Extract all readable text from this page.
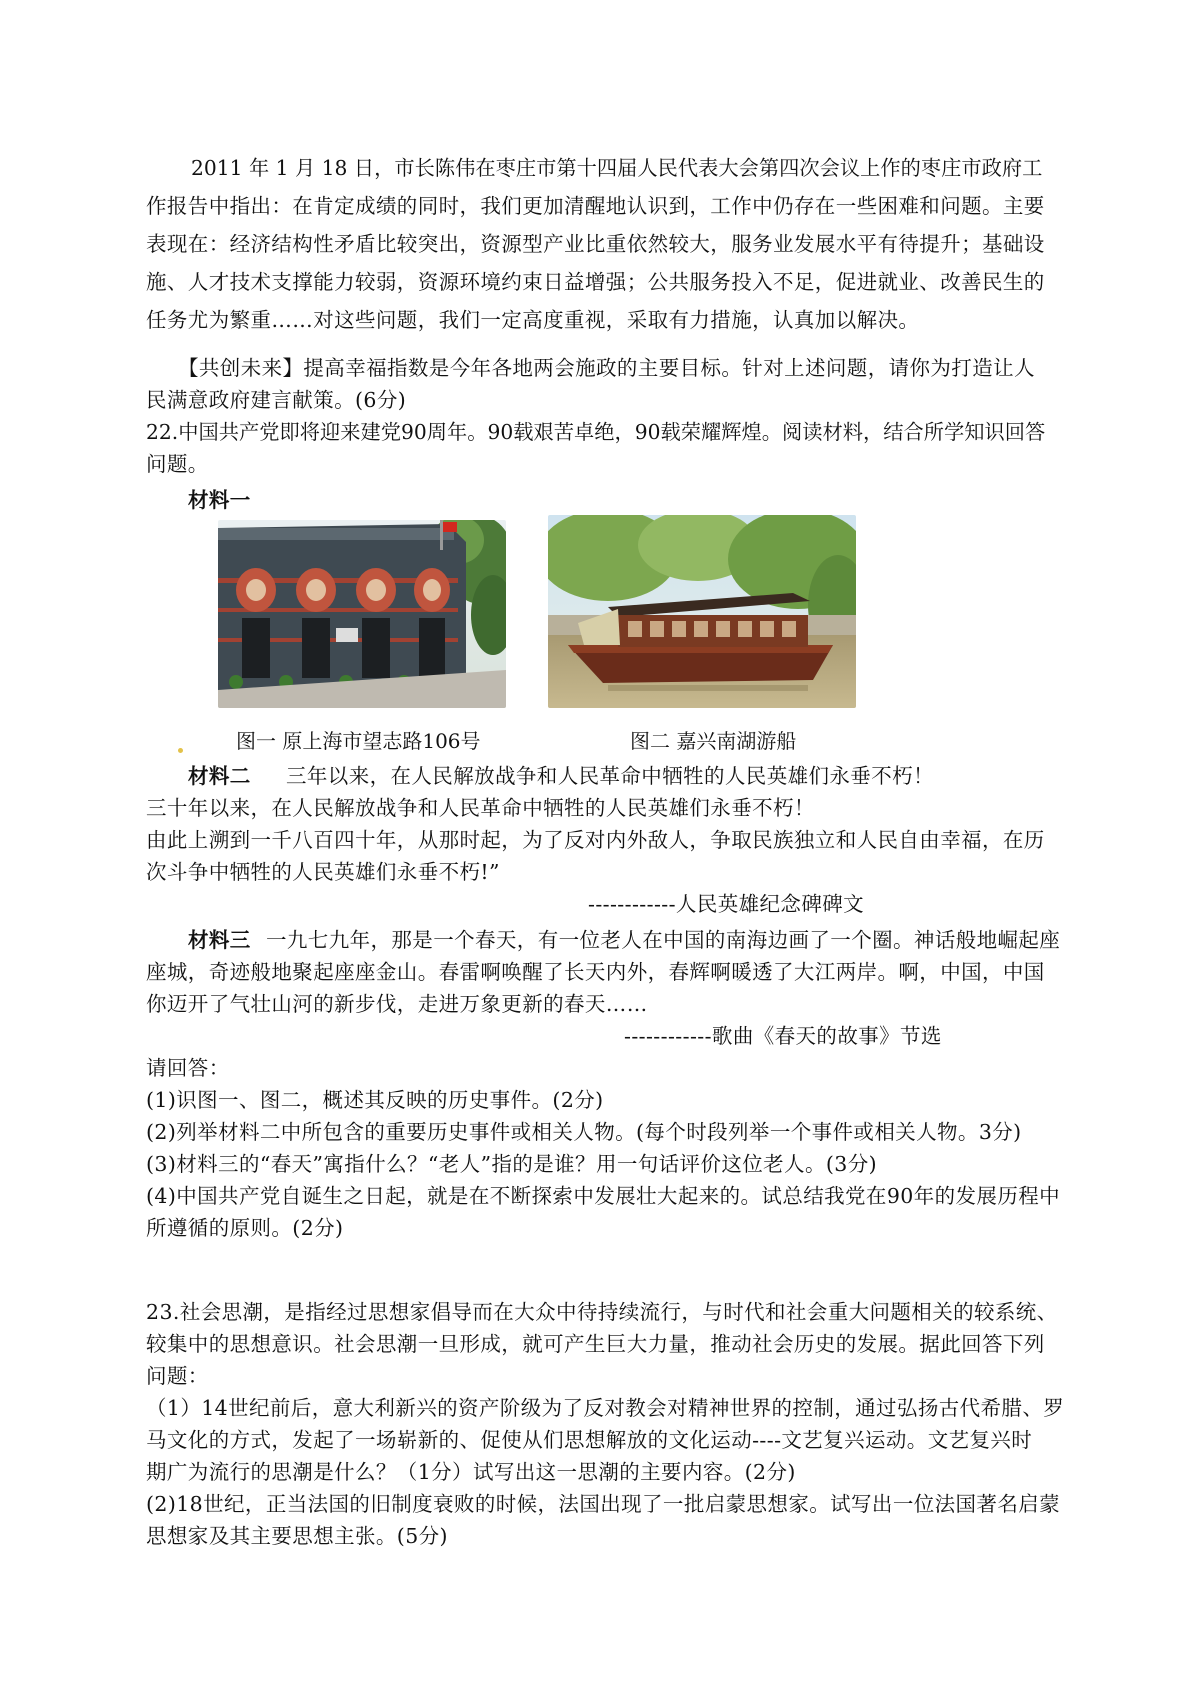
2011 年 1 月 18 日，市长陈伟在枣庄市第十四届人民代表大会第四次会议上作的枣庄市政府工
作报告中指出：在肯定成绩的同时，我们更加清醒地认识到，工作中仍存在一些困难和问题。主要
表现在：经济结构性矛盾比较突出，资源型产业比重依然较大，服务业发展水平有待提升；基础设
施、人才技术支撑能力较弱，资源环境约束日益增强；公共服务投入不足，促进就业、改善民生的
任务尤为繁重……对这些问题，我们一定高度重视，采取有力措施，认真加以解决。
【共创未来】提高幸福指数是今年各地两会施政的主要目标。针对上述问题，请你为打造让人
民满意政府建言献策。(6分)
22.中国共产党即将迎来建党90周年。90载艰苦卓绝，90载荣耀辉煌。阅读材料，结合所学知识回答
问题。
材料一
图一 原上海市望志路106号	图二 嘉兴南湖游船
材料二 三年以来，在人民解放战争和人民革命中牺牲的人民英雄们永垂不朽！
三十年以来，在人民解放战争和人民革命中牺牲的人民英雄们永垂不朽！
由此上溯到一千八百四十年，从那时起，为了反对内外敌人，争取民族独立和人民自由幸福，在历
次斗争中牺牲的人民英雄们永垂不朽!”
------------人民英雄纪念碑碑文
材料三 一九七九年，那是一个春天，有一位老人在中国的南海边画了一个圈。神话般地崛起座
座城，奇迹般地聚起座座金山。春雷啊唤醒了长天内外，春辉啊暖透了大江两岸。啊，中国，中国
你迈开了气壮山河的新步伐，走进万象更新的春天……
------------歌曲《春天的故事》节选
请回答：
(1)识图一、图二，概述其反映的历史事件。(2分)
(2)列举材料二中所包含的重要历史事件或相关人物。(每个时段列举一个事件或相关人物。3分)
(3)材料三的“春天”寓指什么？“老人”指的是谁？用一句话评价这位老人。(3分)
(4)中国共产党自诞生之日起，就是在不断探索中发展壮大起来的。试总结我党在90年的发展历程中
所遵循的原则。(2分)
23.社会思潮，是指经过思想家倡导而在大众中待持续流行，与时代和社会重大问题相关的较系统、
较集中的思想意识。社会思潮一旦形成，就可产生巨大力量，推动社会历史的发展。据此回答下列
问题：
（1）14世纪前后，意大利新兴的资产阶级为了反对教会对精神世界的控制，通过弘扬古代希腊、罗
马文化的方式，发起了一场崭新的、促使从们思想解放的文化运动----文艺复兴运动。文艺复兴时
期广为流行的思潮是什么？（1分）试写出这一思潮的主要内容。(2分)
(2)18世纪，正当法国的旧制度衰败的时候，法国出现了一批启蒙思想家。试写出一位法国著名启蒙
思想家及其主要思想主张。(5分)
